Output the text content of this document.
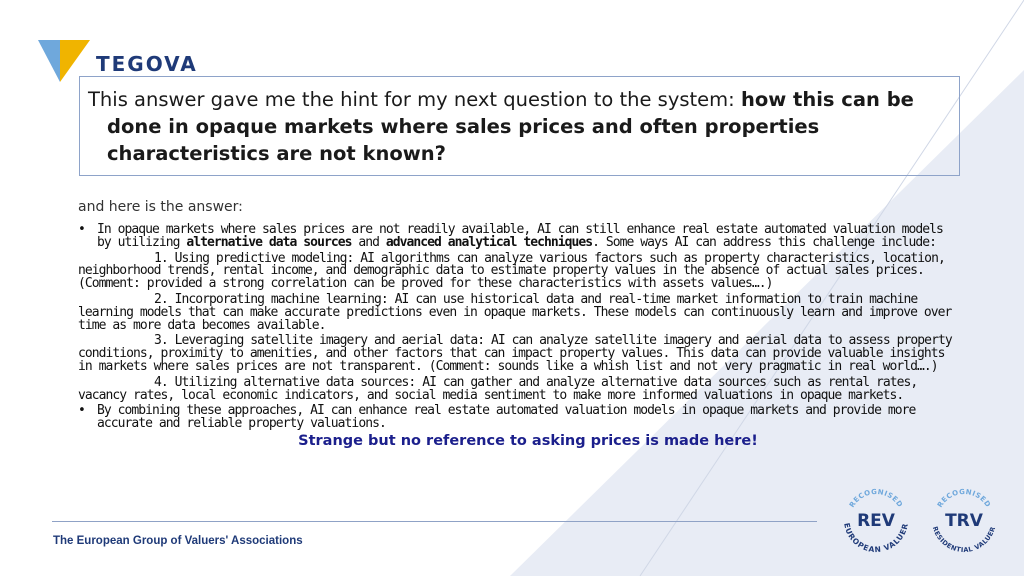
TEGOVA
This answer gave me the hint for my next question to the system: how this can be done in opaque markets where sales prices and often properties characteristics are not known?
and here is the answer:
• In opaque markets where sales prices are not readily available, AI can still enhance real estate automated valuation models by utilizing alternative data sources and advanced analytical techniques. Some ways AI can address this challenge include:
1. Using predictive modeling: AI algorithms can analyze various factors such as property characteristics, location, neighborhood trends, rental income, and demographic data to estimate property values in the absence of actual sales prices. (Comment: provided a strong correlation can be proved for these characteristics with assets values….)
2. Incorporating machine learning: AI can use historical data and real-time market information to train machine learning models that can make accurate predictions even in opaque markets. These models can continuously learn and improve over time as more data becomes available.
3. Leveraging satellite imagery and aerial data: AI can analyze satellite imagery and aerial data to assess property conditions, proximity to amenities, and other factors that can impact property values. This data can provide valuable insights in markets where sales prices are not transparent. (Comment: sounds like a whish list and not very pragmatic in real world….)
4. Utilizing alternative data sources: AI can gather and analyze alternative data sources such as rental rates, vacancy rates, local economic indicators, and social media sentiment to make more informed valuations in opaque markets.
• By combining these approaches, AI can enhance real estate automated valuation models in opaque markets and provide more accurate and reliable property valuations.
Strange but no reference to asking prices is made here!
The European Group of Valuers' Associations
RECOGNISED
REV
EUROPEAN VALUER
RECOGNISED
TRV
RESIDENTIAL VALUER
